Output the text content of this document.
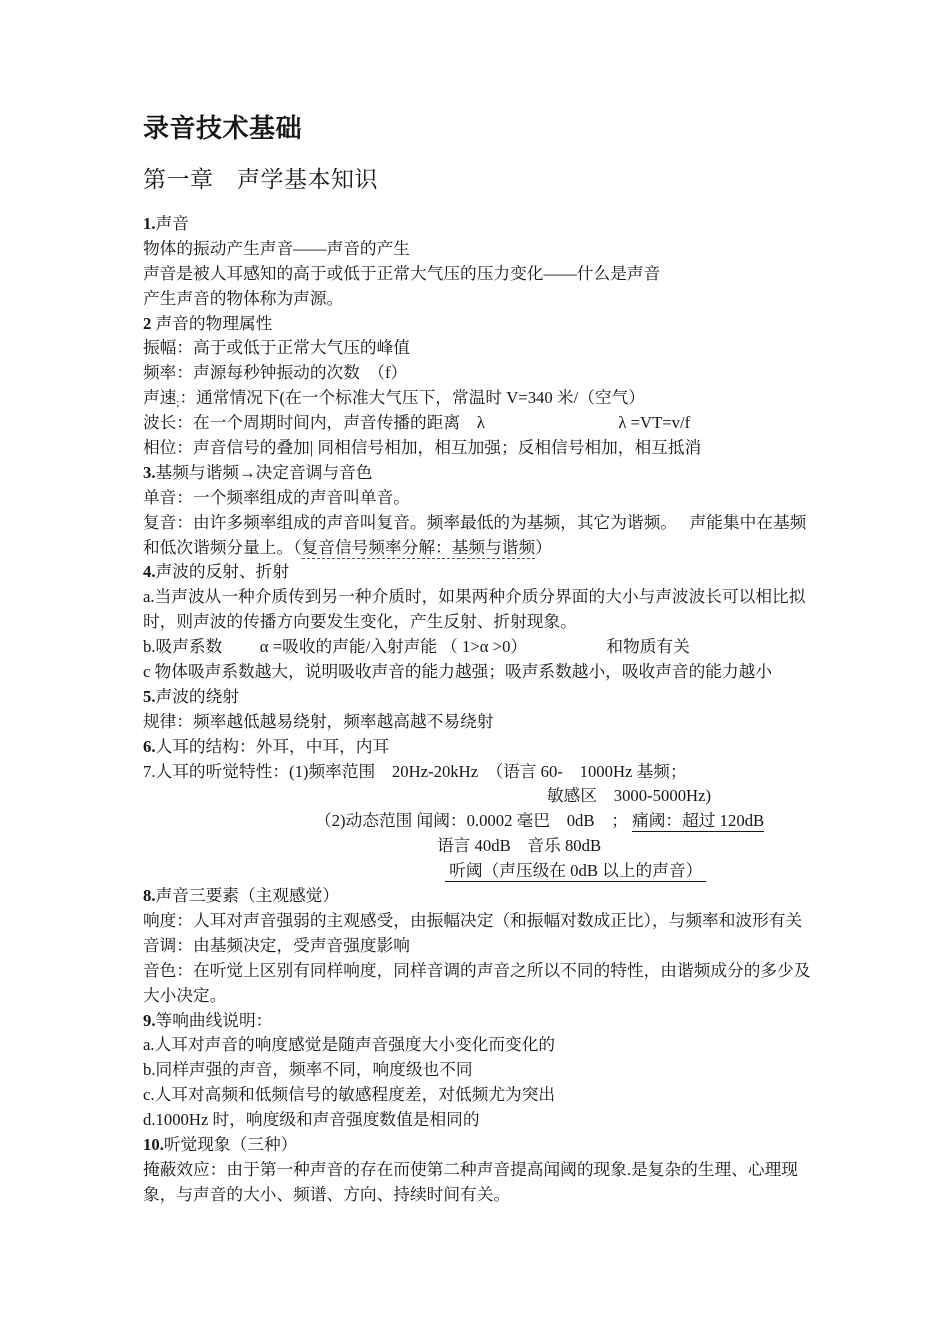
录音技术基础
第一章　声学基本知识
1.声音
物体的振动产生声音——声音的产生
声音是被人耳感知的高于或低于正常大气压的压力变化——什么是声音
产生声音的物体称为声源。
2 声音的物理属性
振幅：高于或低于正常大气压的峰值
频率：声源每秒钟振动的次数　（f）
声速;：通常情况下(在一个标准大气压下，常温时 V=340 米/（空气）
波长：在一个周期时间内，声音传播的距离　λ　　　　　　　　λ =VT=v/f
相位：声音信号的叠加| 同相信号相加，相互加强；反相信号相加，相互抵消
3.基频与谐频→决定音调与音色
单音：一个频率组成的声音叫单音。
复音：由许多频率组成的声音叫复音。频率最低的为基频，其它为谐频。　 声能集中在基频
和低次谐频分量上。（复音信号频率分解：基频与谐频）
4.声波的反射、折射
a.当声波从一种介质传到另一种介质时，如果两种介质分界面的大小与声波波长可以相比拟
时，则声波的传播方向要发生变化，产生反射、折射现象。
b.吸声系数　　 α =吸收的声能/入射声能 （ 1>α >0）　　　　　 和物质有关
c 物体吸声系数越大，说明吸收声音的能力越强；吸声系数越小，吸收声音的能力越小
5.声波的绕射
规律：频率越低越易绕射，频率越高越不易绕射
6.人耳的结构：外耳，中耳，内耳
7.人耳的听觉特性：(1)频率范围　20Hz-20kHz　（语言 60-　1000Hz 基频；
敏感区　3000-5000Hz)
（2)动态范围 闻阈：0.0002 毫巴　0dB　； 痛阈：超过 120dB
语言 40dB　音乐 80dB
听阈（声压级在 0dB 以上的声音）
8.声音三要素（主观感觉）
响度：人耳对声音强弱的主观感受，由振幅决定（和振幅对数成正比），与频率和波形有关
音调：由基频决定，受声音强度影响
音色：在听觉上区别有同样响度，同样音调的声音之所以不同的特性，由谐频成分的多少及
大小决定。
9.等响曲线说明：
a.人耳对声音的响度感觉是随声音强度大小变化而变化的
b.同样声强的声音，频率不同，响度级也不同
c.人耳对高频和低频信号的敏感程度差，对低频尤为突出
d.1000Hz 时，响度级和声音强度数值是相同的
10.听觉现象（三种）
掩蔽效应：由于第一种声音的存在而使第二种声音提高闻阈的现象.是复杂的生理、心理现
象，与声音的大小、频谱、方向、持续时间有关。
